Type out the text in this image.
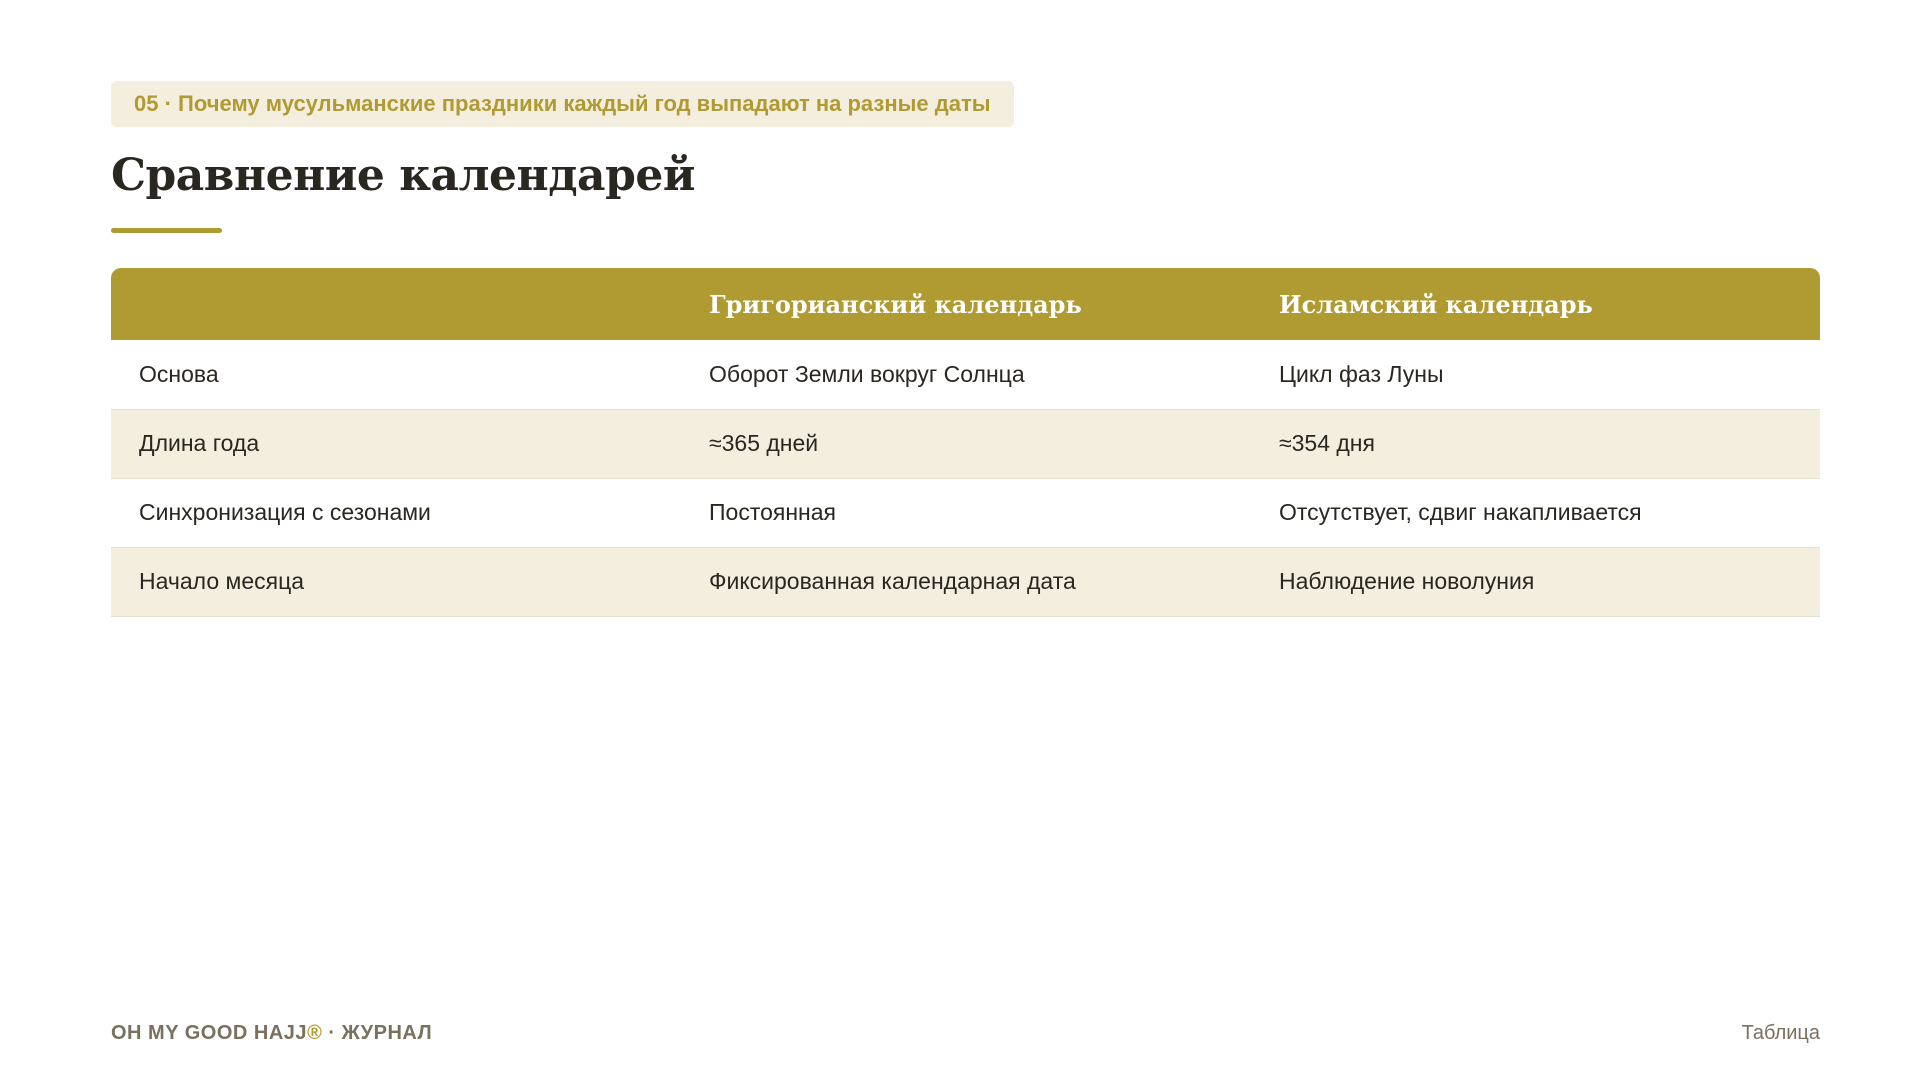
05 · Почему мусульманские праздники каждый год выпадают на разные даты
Сравнение календарей
	Григорианский календарь	Исламский календарь
Основа	Оборот Земли вокруг Солнца	Цикл фаз Луны
Длина года	≈365 дней	≈354 дня
Синхронизация с сезонами	Постоянная	Отсутствует, сдвиг накапливается
Начало месяца	Фиксированная календарная дата	Наблюдение новолуния
OH MY GOOD HAJJ® · ЖУРНАЛ	Таблица
